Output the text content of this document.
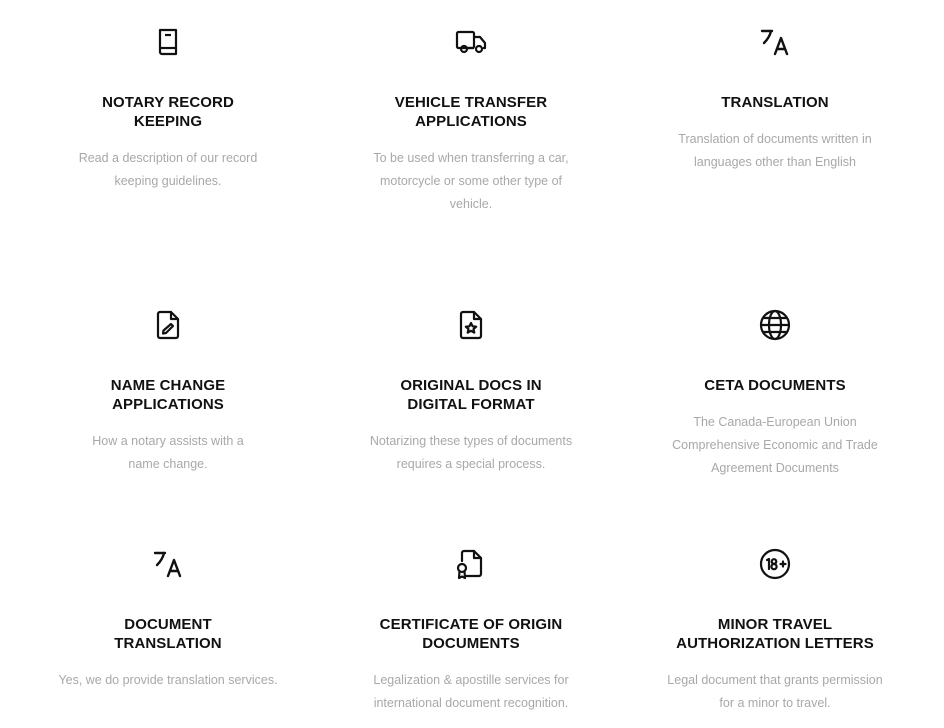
NOTARY RECORD
KEEPING
Read a description of our record
keeping guidelines.
VEHICLE TRANSFER
APPLICATIONS
To be used when transferring a car,
motorcycle or some other type of
vehicle.
TRANSLATION
Translation of documents written in
languages other than English
NAME CHANGE
APPLICATIONS
How a notary assists with a
name change.
ORIGINAL DOCS IN
DIGITAL FORMAT
Notarizing these types of documents
requires a special process.
CETA DOCUMENTS
The Canada-European Union
Comprehensive Economic and Trade
Agreement Documents
DOCUMENT
TRANSLATION
Yes, we do provide translation services.
CERTIFICATE OF ORIGIN
DOCUMENTS
Legalization & apostille services for
international document recognition.
MINOR TRAVEL
AUTHORIZATION LETTERS
Legal document that grants permission
for a minor to travel.
